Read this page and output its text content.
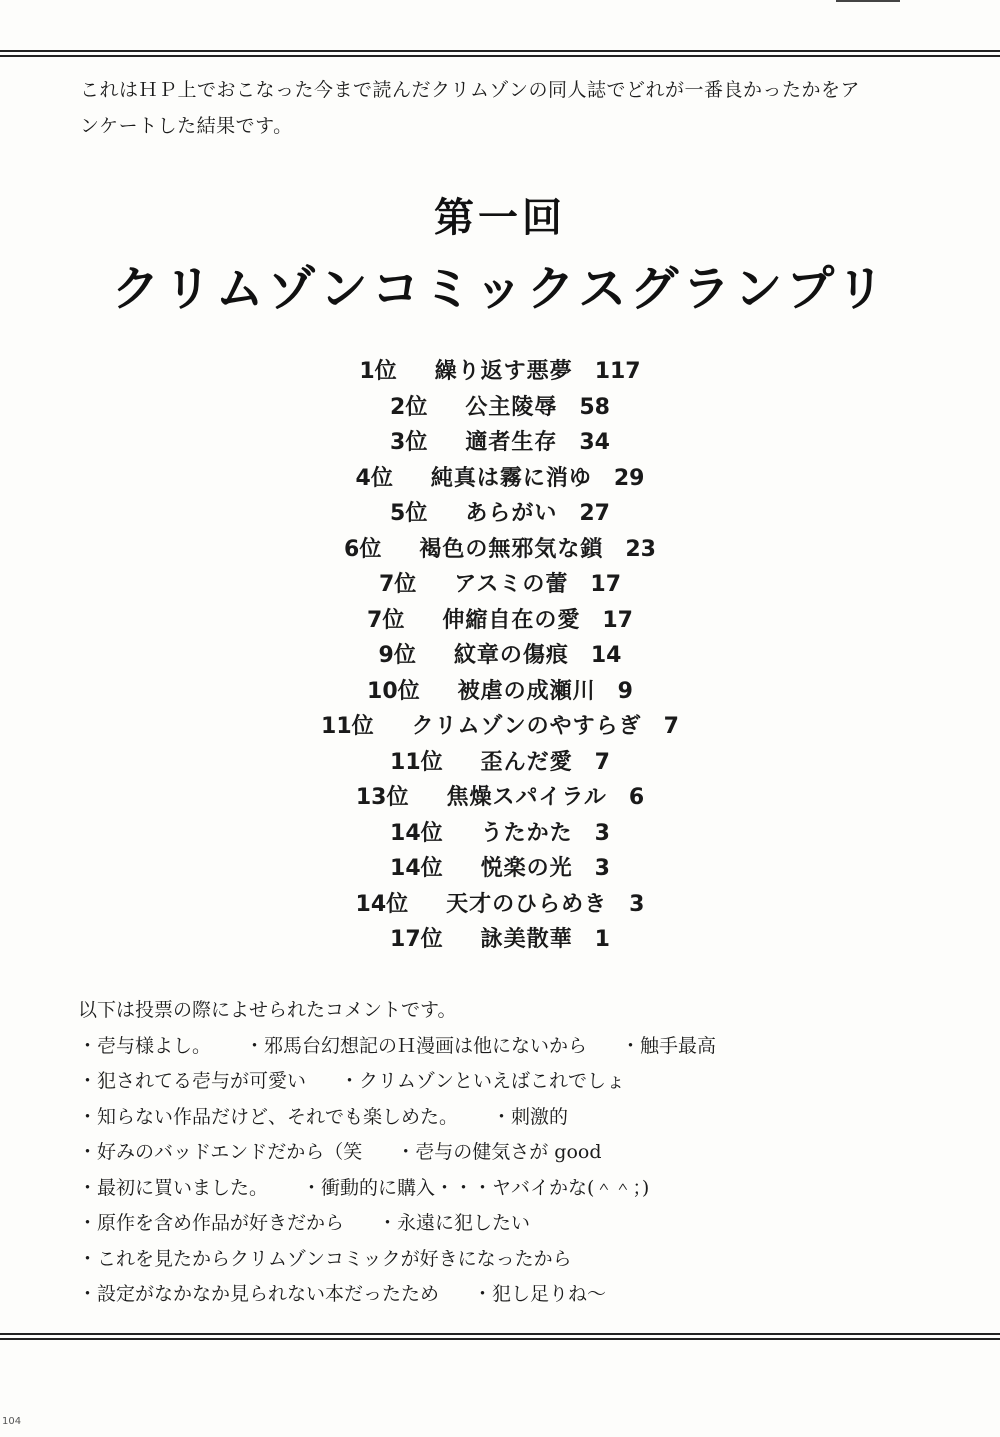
これはＨＰ上でおこなった今まで読んだクリムゾンの同人誌でどれが一番良かったかをア

ンケートした結果です。

第一回
クリムゾンコミックスグランプリ
1位 繰り返す悪夢 117
2位 公主陵辱 58
3位 適者生存 34
4位 純真は霧に消ゆ 29
5位 あらがい 27
6位 褐色の無邪気な鎖 23
7位 アスミの蕾 17
7位 伸縮自在の愛 17
9位 紋章の傷痕 14
10位 被虐の成瀬川 9
11位 クリムゾンのやすらぎ 7
11位 歪んだ愛 7
13位 焦燥スパイラル 6
14位 うたかた 3
14位 悦楽の光 3
14位 天才のひらめき 3
17位 詠美散華 1

以下は投票の際によせられたコメントです。

・壱与様よし。 ・邪馬台幻想記のＨ漫画は他にないから ・触手最高
・犯されてる壱与が可愛い ・クリムゾンといえばこれでしょ
・知らない作品だけど、それでも楽しめた。 ・刺激的
・好みのバッドエンドだから（笑 ・壱与の健気さが good
・最初に買いました。 ・衝動的に購入・・・ヤバイかな(＾＾；)
・原作を含め作品が好きだから ・永遠に犯したい
・これを見たからクリムゾンコミックが好きになったから
・設定がなかなか見られない本だったため ・犯し足りね～
104
